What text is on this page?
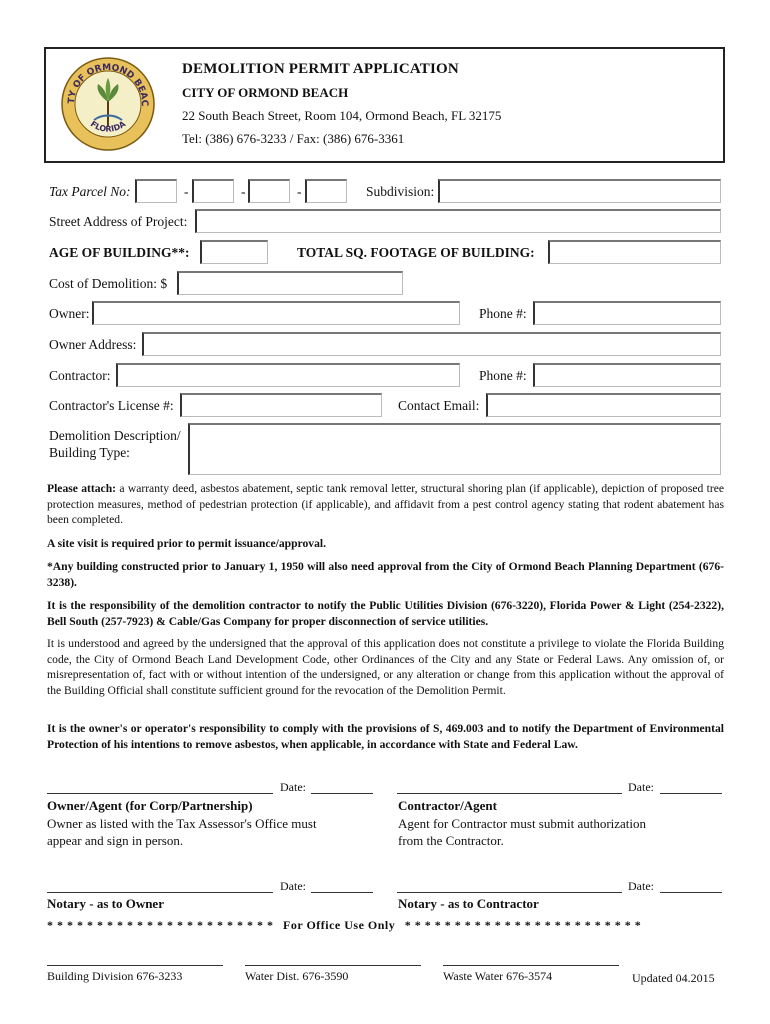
TY OF ORMOND BEAC
FLORIDA
DEMOLITION PERMIT APPLICATION
CITY OF ORMOND BEACH
22 South Beach Street, Room 104, Ormond Beach, FL 32175
Tel: (386) 676-3233 / Fax: (386) 676-3361
Tax Parcel No:	-	-	-	Subdivision:
Street Address of Project:
AGE OF BUILDING**:	TOTAL SQ. FOOTAGE OF BUILDING:
Cost of Demolition: $
Owner:	Phone #:
Owner Address:
Contractor:	Phone #:
Contractor's License #:	Contact Email:
Demolition Description/
Building Type:
Please attach: a warranty deed, asbestos abatement, septic tank removal letter, structural shoring plan (if applicable), depiction of proposed tree protection measures, method of pedestrian protection (if applicable), and affidavit from a pest control agency stating that rodent abatement has been completed.
A site visit is required prior to permit issuance/approval.
*Any building constructed prior to January 1, 1950 will also need approval from the City of Ormond Beach Planning Department (676-3238).
It is the responsibility of the demolition contractor to notify the Public Utilities Division (676-3220), Florida Power & Light (254-2322), Bell South (257-7923) & Cable/Gas Company for proper disconnection of service utilities.
It is understood and agreed by the undersigned that the approval of this application does not constitute a privilege to violate the Florida Building code, the City of Ormond Beach Land Development Code, other Ordinances of the City and any State or Federal Laws. Any omission of, or misrepresentation of, fact with or without intention of the undersigned, or any alteration or change from this application without the approval of the Building Official shall constitute sufficient ground for the revocation of the Demolition Permit.
It is the owner's or operator's responsibility to comply with the provisions of S, 469.003 and to notify the Department of Environmental Protection of his intentions to remove asbestos, when applicable, in accordance with State and Federal Law.
Date:	Date:
Owner/Agent (for Corp/Partnership)
Owner as listed with the Tax Assessor's Office must
appear and sign in person.
Contractor/Agent
Agent for Contractor must submit authorization
from the Contractor.
Date:	Date:
Notary - as to Owner	Notary - as to Contractor
* * * * * * * * * * * * * * * * * * * * * * * For Office Use Only * * * * * * * * * * * * * * * * * * * * * * * *
Building Division 676-3233	Water Dist. 676-3590	Waste Water 676-3574	Updated 04.2015
